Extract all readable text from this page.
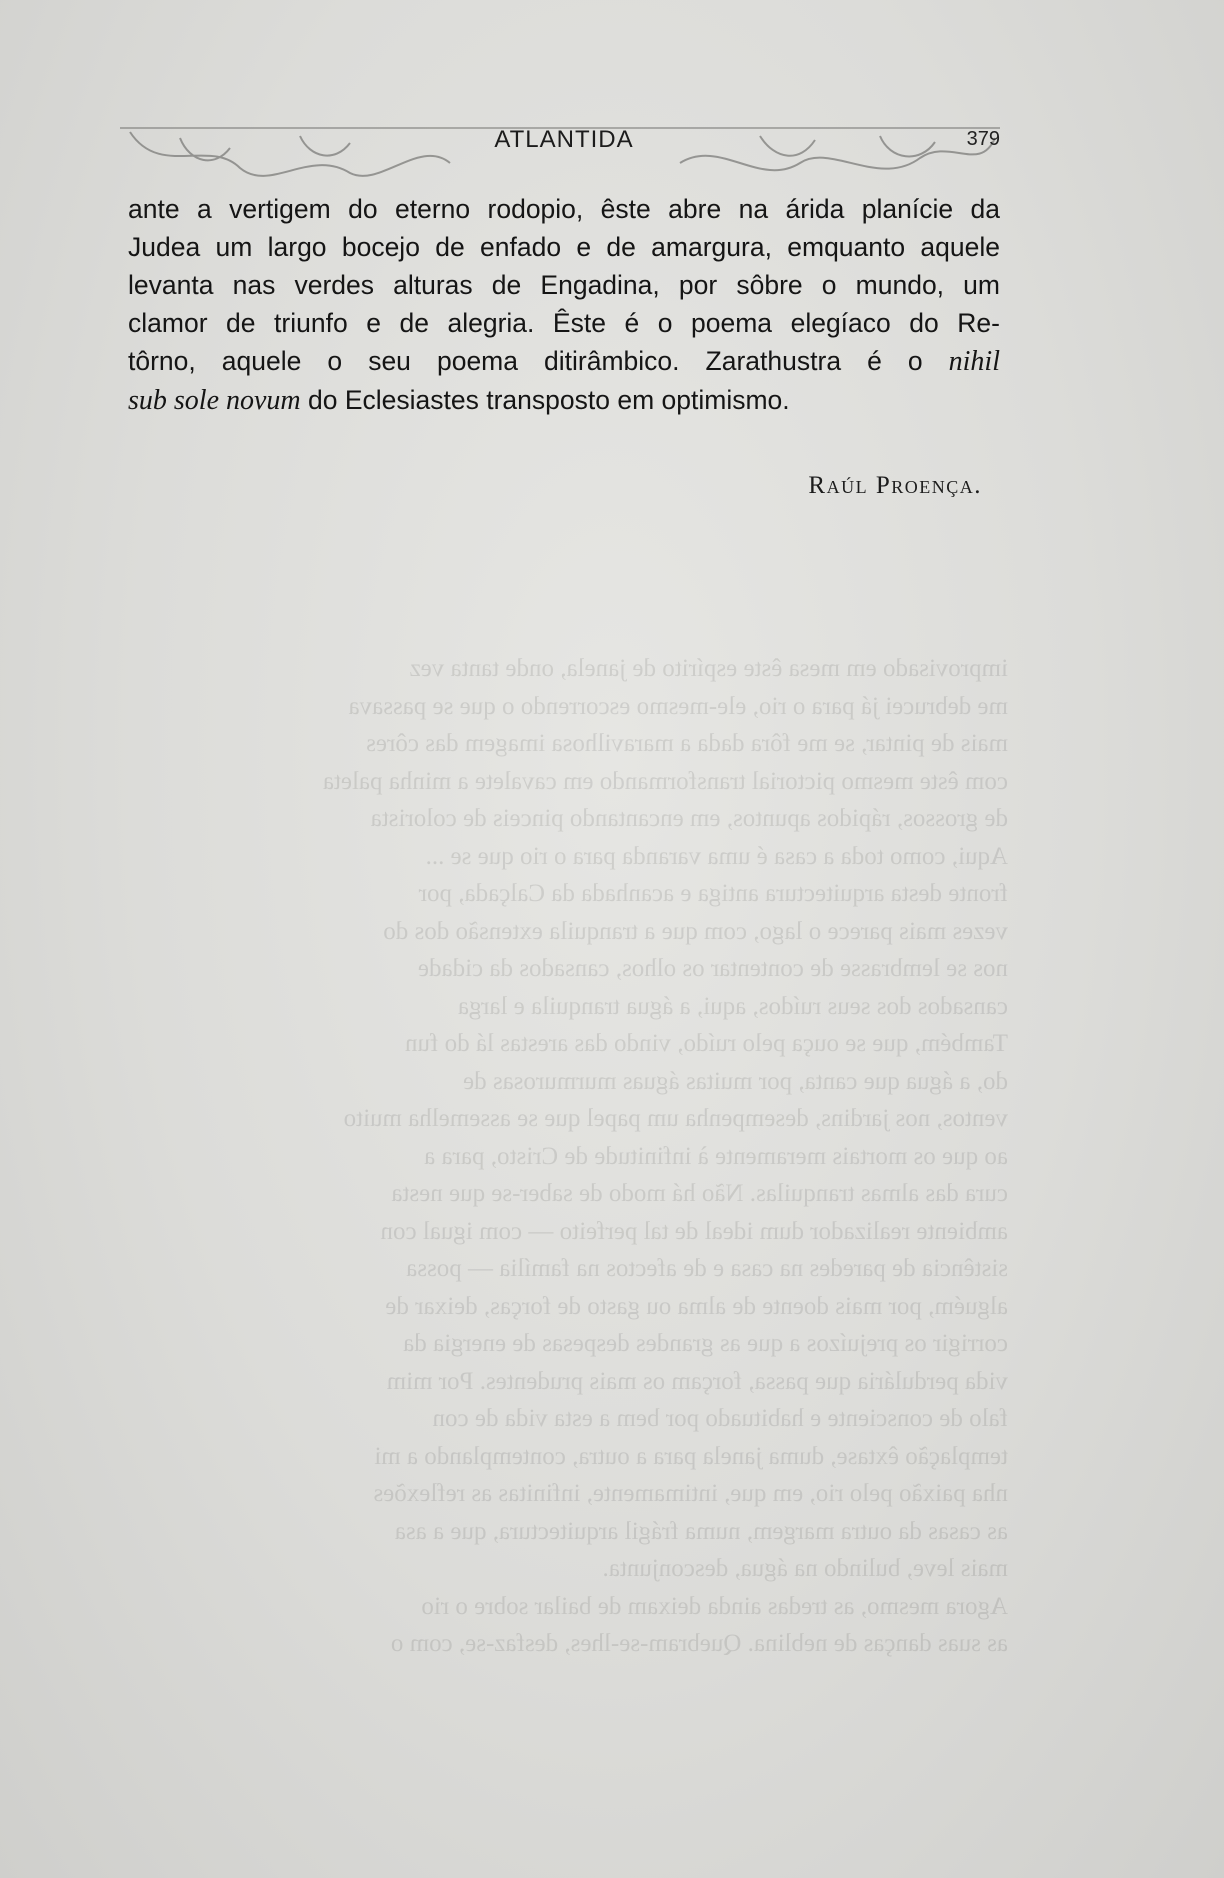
ATLANTIDA	379
ante a vertigem do eterno rodopio, êste abre na árida planície da
Judea um largo bocejo de enfado e de amargura, emquanto aquele
levanta nas verdes alturas de Engadina, por sôbre o mundo, um
clamor de triunfo e de alegria. Êste é o poema elegíaco do Re-
tôrno, aquele o seu poema ditirâmbico. Zarathustra é o nihil
sub sole novum do Eclesiastes transposto em optimismo.
Raúl Proença.
improvisado em mesa êste espírito de janela, onde tanta vez
me debrucei já para o rio, ele-mesmo escorrendo o que se passava
mais de pintar, se me fôra dada a maravilhosa imagem das côres
com êste mesmo pictorial transformando em cavalete a minha paleta
de grossos, rápidos apuntos, em encantando pinceis de colorista
Aqui, como toda a casa é uma varanda para o rio que se ...
fronte desta arquitectura antiga e acanhada da Calçada, por
vezes mais parece o lago, com que a tranquila extensão dos do
nos se lembrasse de contentar os olhos, cansados da cidade
cansados dos seus ruídos, aqui, a água tranquila e larga
Também, que se ouça pelo ruído, vindo das arestas lá do fun
do, a água que canta, por muitas águas murmurosas de
ventos, nos jardins, desempenha um papel que se assemelha muito
ao que os mortais meramente à infinitude de Cristo, para a
cura das almas tranquilas. Não há modo de saber-se que nesta
ambiente realizador dum ideal de tal perfeito — com igual con
sistência de paredes na casa e de afectos na família — possa
alguém, por mais doente de alma ou gasto de forças, deixar de
corrigir os prejuízos a que as grandes despesas de energia da
vida perdulária que passa, forçam os mais prudentes. Por mim
falo de consciente e habituado por bem a esta vida de con
templação êxtase, duma janela para a outra, contemplando a mi
nha paixão pelo rio, em que, intimamente, infinitas as reflexões
as casas da outra margem, numa frágil arquitectura, que a asa
mais leve, bulindo na água, desconjunta.
Agora mesmo, as tredas ainda deixam de bailar sobre o rio
as suas danças de neblina. Quebram-se-lhes, desfaz-se, com o
